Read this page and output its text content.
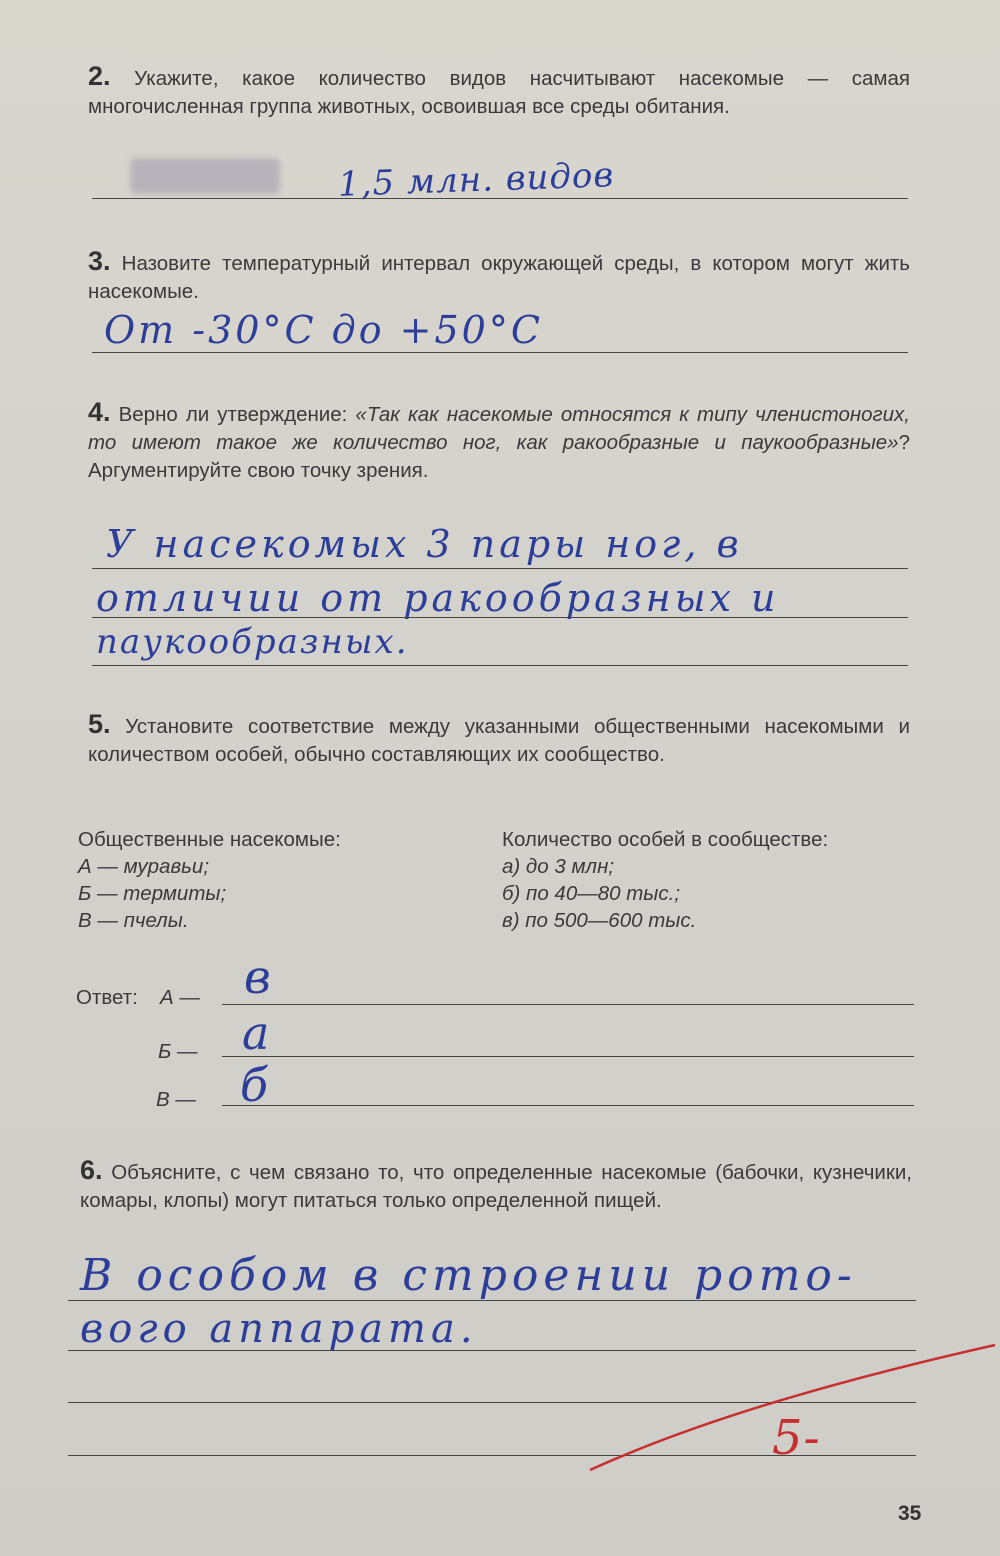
2. Укажите, какое количество видов насчитывают насекомые — самая многочисленная группа животных, освоившая все среды обитания.
1,5 млн. видов
3. Назовите температурный интервал окружающей среды, в котором могут жить насекомые.
От -30°C до +50°C
4. Верно ли утверждение: «Так как насекомые относятся к типу членистоногих, то имеют такое же количество ног, как ракообразные и паукообразные»? Аргументируйте свою точку зрения.
У насекомых 3 пары ног, в
отличии от ракообразных и
паукообразных.
5. Установите соответствие между указанными общественными насекомыми и количеством особей, обычно составляющих их сообщество.
Общественные насекомые:
А — муравьи;
Б — термиты;
В — пчелы.
Количество особей в сообществе:
а) до 3 млн;
б) по 40—80 тыс.;
в) по 500—600 тыс.
Ответ: А — в
Б — а
В — б
6. Объясните, с чем связано то, что определенные насекомые (бабочки, кузнечики, комары, клопы) могут питаться только определенной пищей.
В особом в строении рото-
вого аппарата.
5-
35
